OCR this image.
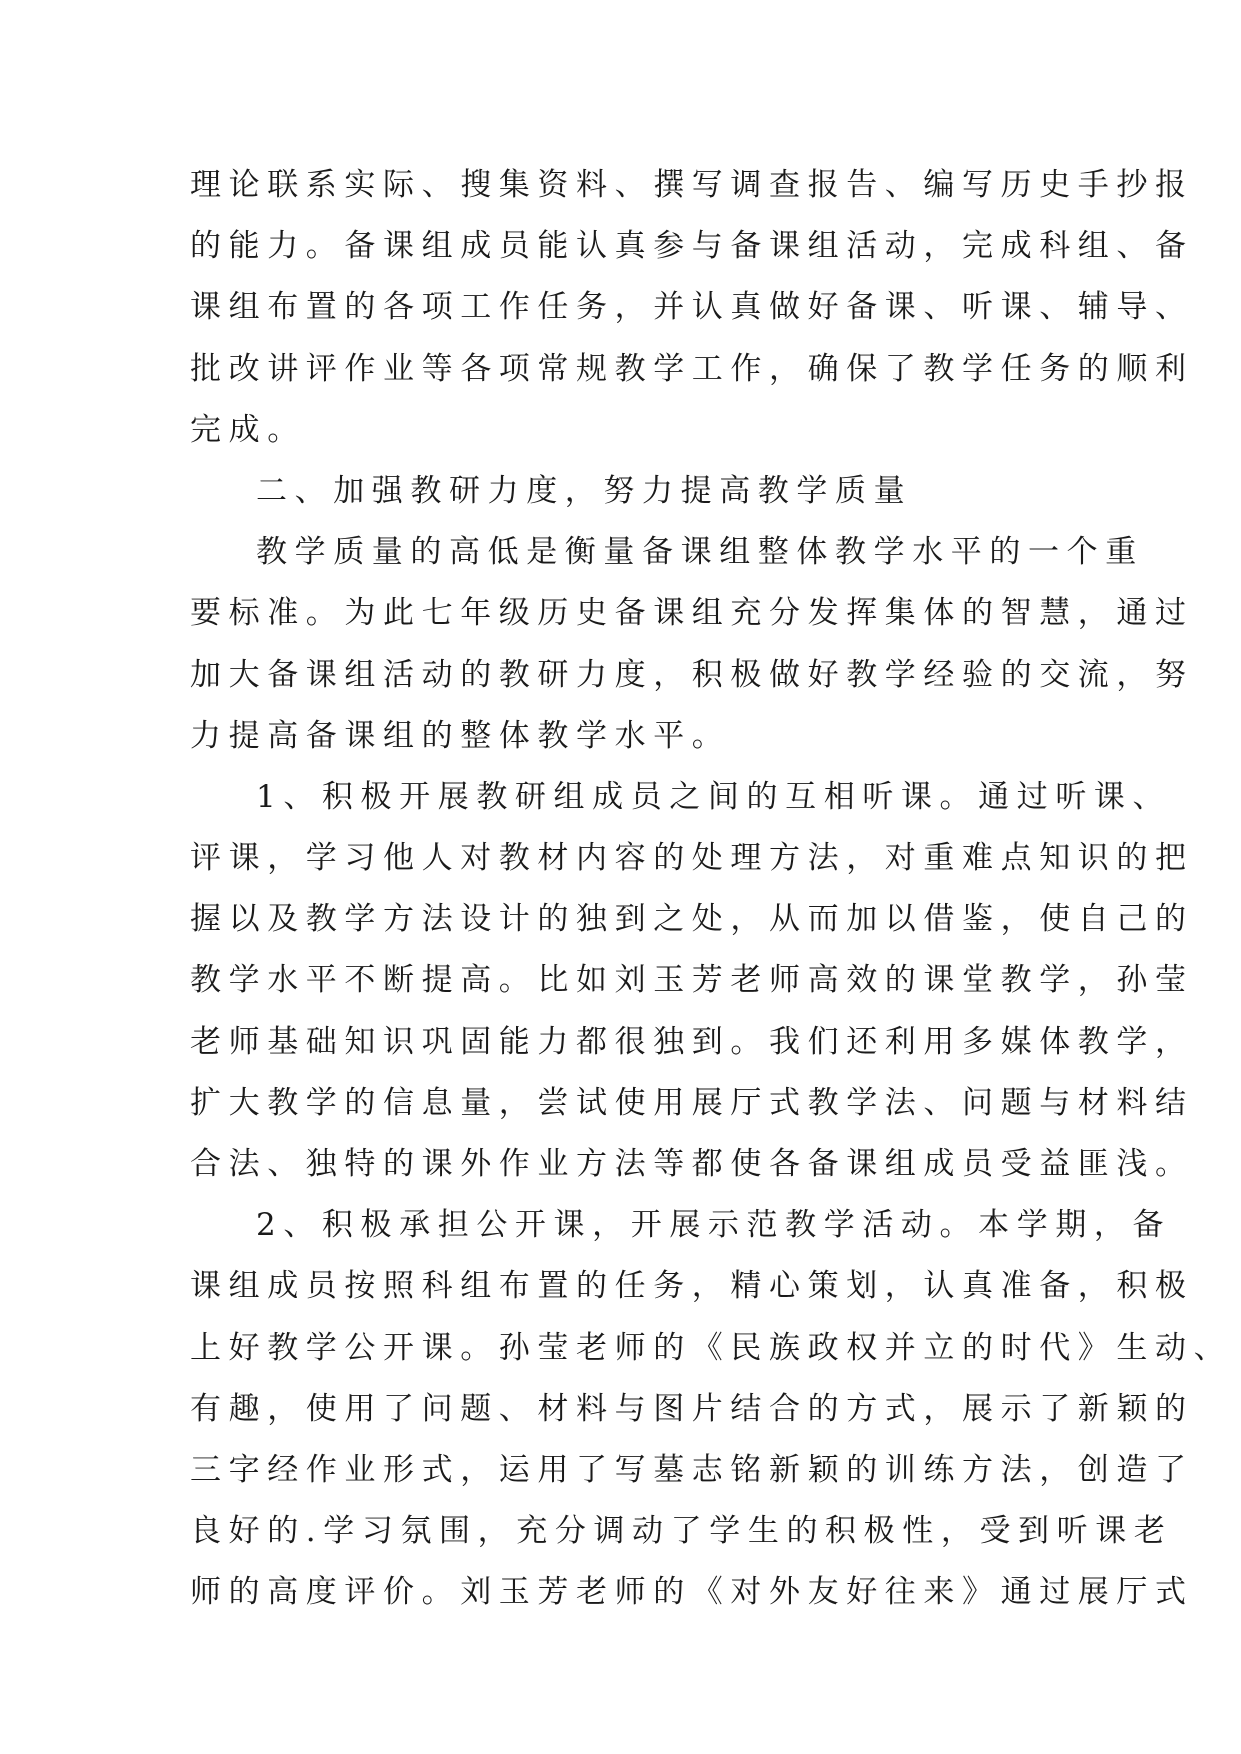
理论联系实际、搜集资料、撰写调查报告、编写历史手抄报
的能力。备课组成员能认真参与备课组活动，完成科组、备
课组布置的各项工作任务，并认真做好备课、听课、辅导、
批改讲评作业等各项常规教学工作，确保了教学任务的顺利
完成。
二、加强教研力度，努力提高教学质量
教学质量的高低是衡量备课组整体教学水平的一个重
要标准。为此七年级历史备课组充分发挥集体的智慧，通过
加大备课组活动的教研力度，积极做好教学经验的交流，努
力提高备课组的整体教学水平。
1、积极开展教研组成员之间的互相听课。通过听课、
评课，学习他人对教材内容的处理方法，对重难点知识的把
握以及教学方法设计的独到之处，从而加以借鉴，使自己的
教学水平不断提高。比如刘玉芳老师高效的课堂教学，孙莹
老师基础知识巩固能力都很独到。我们还利用多媒体教学，
扩大教学的信息量，尝试使用展厅式教学法、问题与材料结
合法、独特的课外作业方法等都使各备课组成员受益匪浅。
2、积极承担公开课，开展示范教学活动。本学期，备
课组成员按照科组布置的任务，精心策划，认真准备，积极
上好教学公开课。孙莹老师的《民族政权并立的时代》生动、
有趣，使用了问题、材料与图片结合的方式，展示了新颖的
三字经作业形式，运用了写墓志铭新颖的训练方法，创造了
良好的.学习氛围，充分调动了学生的积极性，受到听课老
师的高度评价。刘玉芳老师的《对外友好往来》通过展厅式
